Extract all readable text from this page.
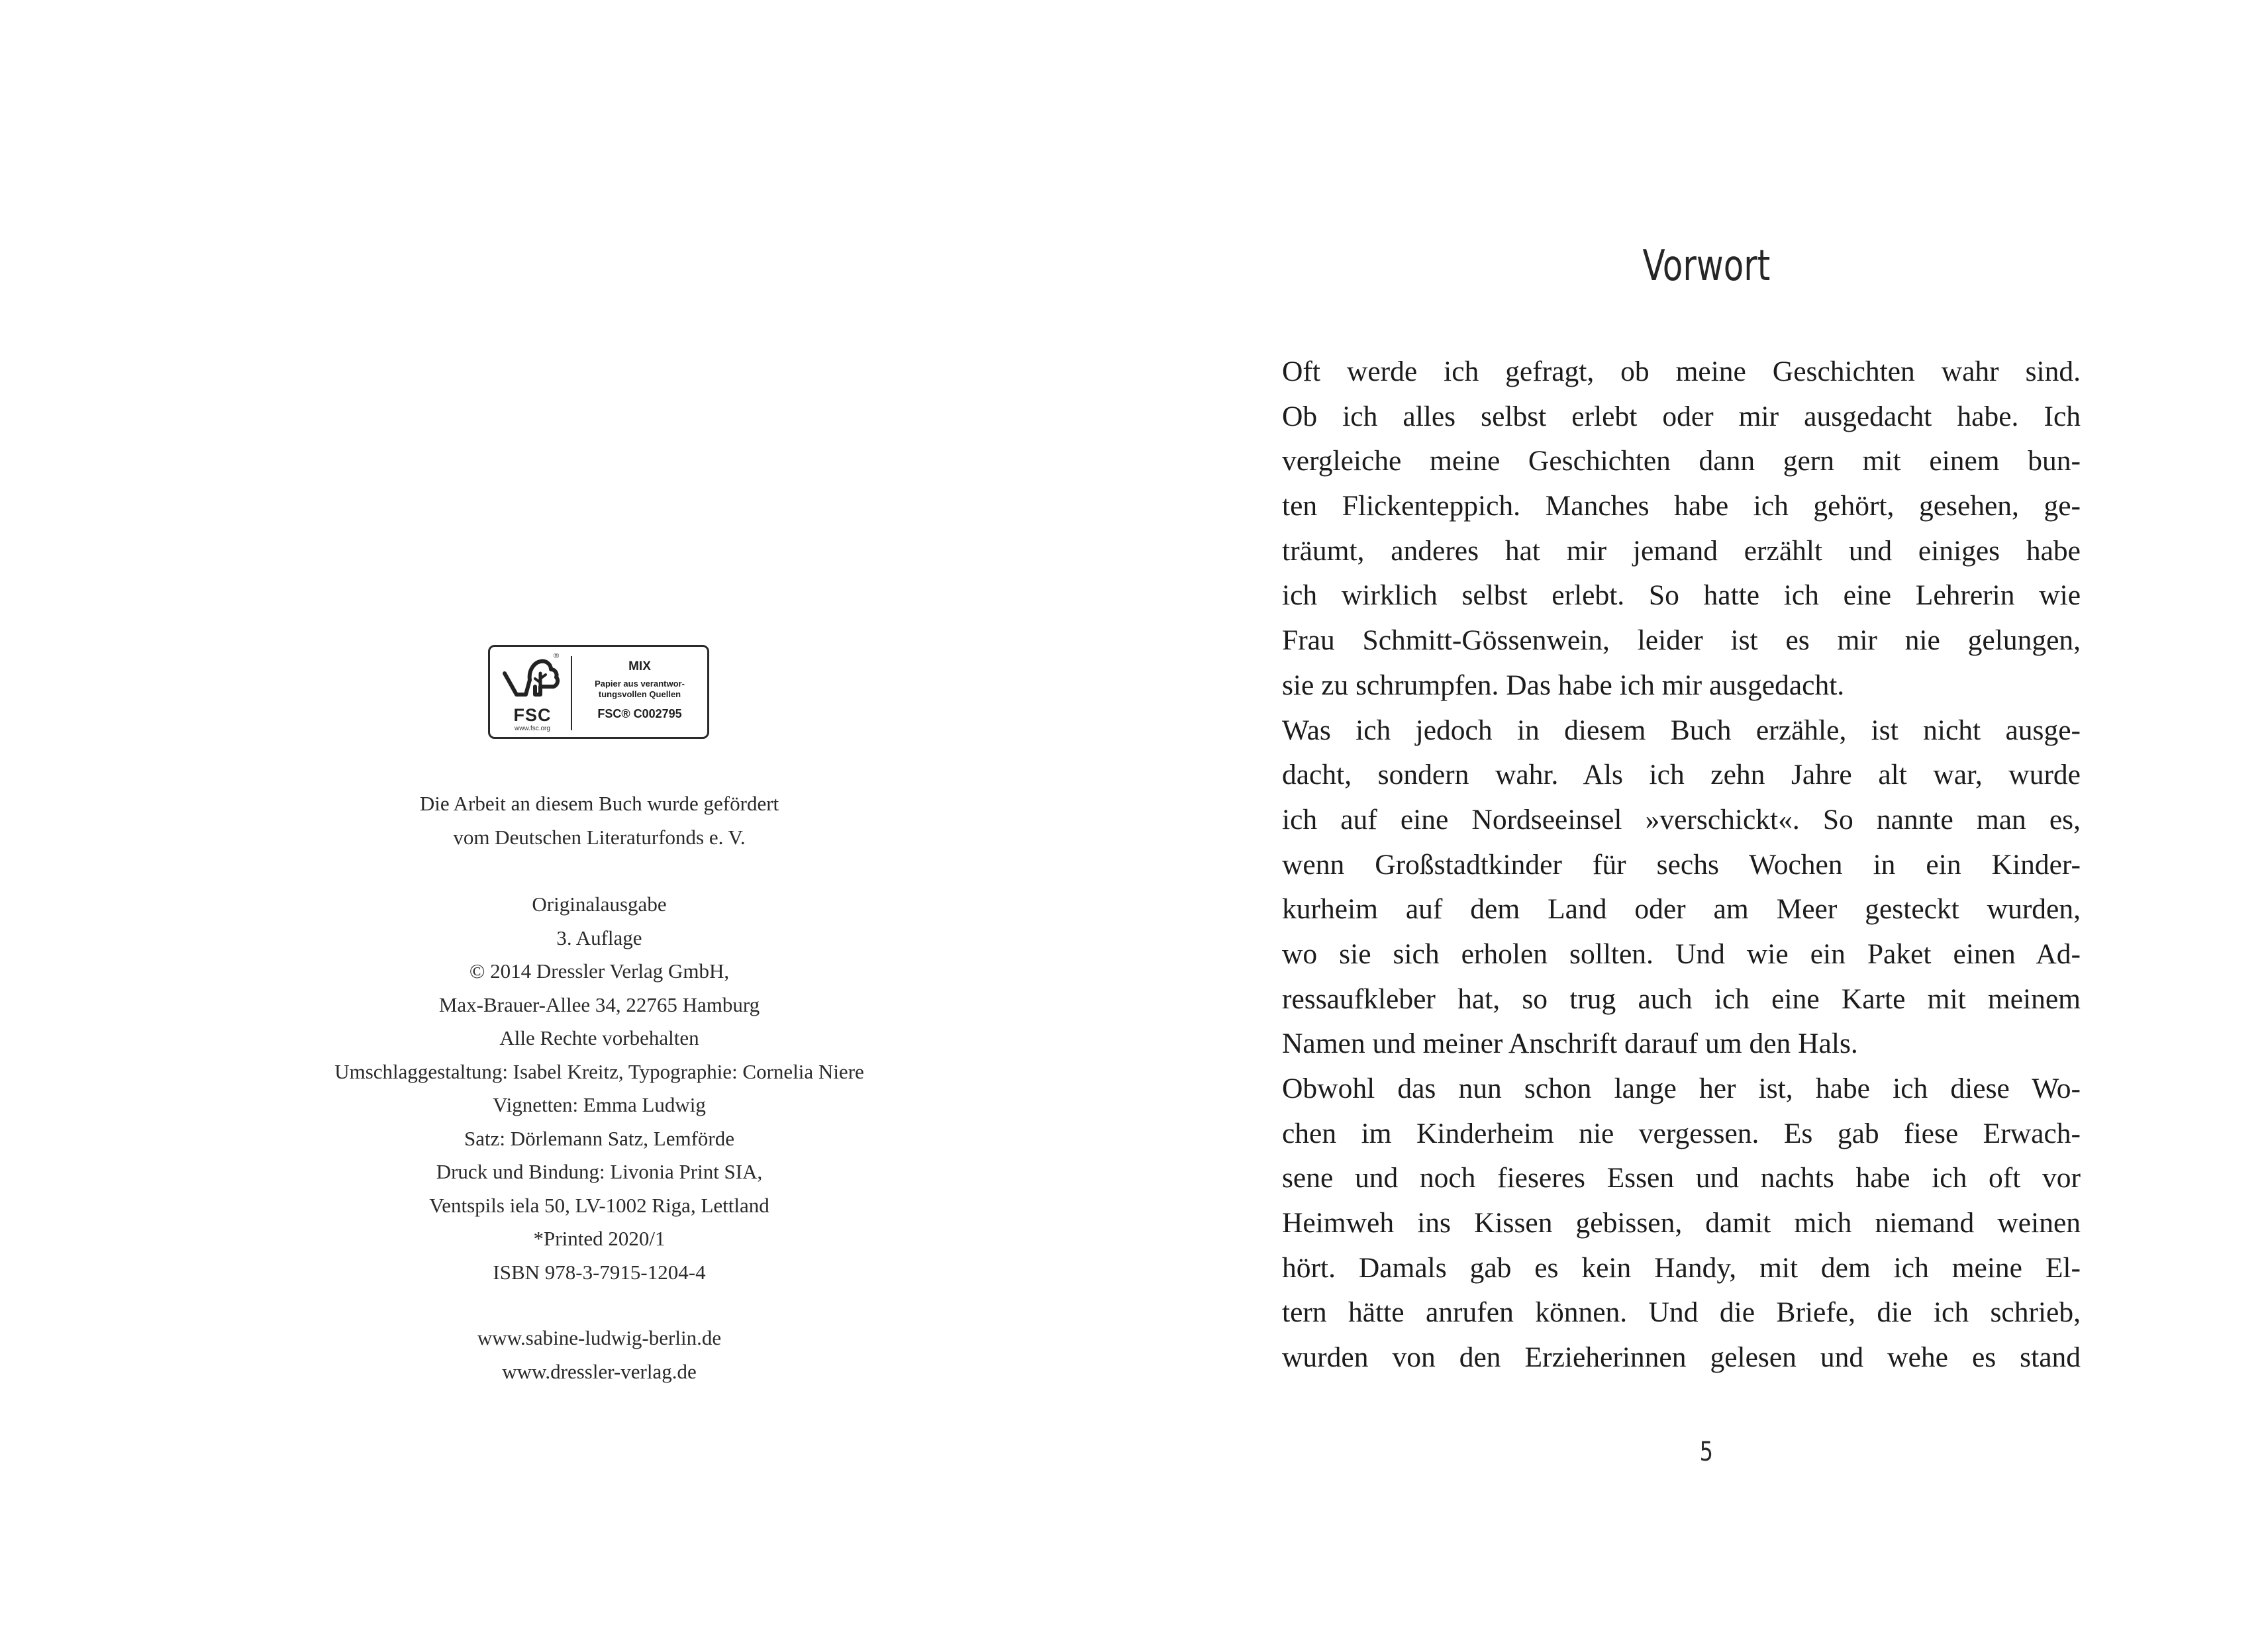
FSC
www.fsc.org
®
MIX
Papier aus verantwor-
tungsvollen Quellen
FSC® C002795
Die Arbeit an diesem Buch wurde gefördert
vom Deutschen Literaturfonds e. V.
Originalausgabe
3. Auflage
© 2014 Dressler Verlag GmbH,
Max-Brauer-Allee 34, 22765 Hamburg
Alle Rechte vorbehalten
Umschlaggestaltung: Isabel Kreitz, Typographie: Cornelia Niere
Vignetten: Emma Ludwig
Satz: Dörlemann Satz, Lemförde
Druck und Bindung: Livonia Print SIA,
Ventspils iela 50, LV-1002 Riga, Lettland
*Printed 2020/1
ISBN 978-3-7915-1204-4
www.sabine-ludwig-berlin.de
www.dressler-verlag.de
Vorwort
Oft werde ich gefragt, ob meine Geschichten wahr sind.
Ob ich alles selbst erlebt oder mir ausgedacht habe. Ich
vergleiche meine Geschichten dann gern mit einem bun-
ten Flickenteppich. Manches habe ich gehört, gesehen, ge-
träumt, anderes hat mir jemand erzählt und einiges habe
ich wirklich selbst erlebt. So hatte ich eine Lehrerin wie
Frau Schmitt-Gössenwein, leider ist es mir nie gelungen,
sie zu schrumpfen. Das habe ich mir ausgedacht.
Was ich jedoch in diesem Buch erzähle, ist nicht ausge-
dacht, sondern wahr. Als ich zehn Jahre alt war, wurde
ich auf eine Nordseeinsel »verschickt«. So nannte man es,
wenn Großstadtkinder für sechs Wochen in ein Kinder-
kurheim auf dem Land oder am Meer gesteckt wurden,
wo sie sich erholen sollten. Und wie ein Paket einen Ad-
ressaufkleber hat, so trug auch ich eine Karte mit meinem
Namen und meiner Anschrift darauf um den Hals.
Obwohl das nun schon lange her ist, habe ich diese Wo-
chen im Kinderheim nie vergessen. Es gab fiese Erwach-
sene und noch fieseres Essen und nachts habe ich oft vor
Heimweh ins Kissen gebissen, damit mich niemand weinen
hört. Damals gab es kein Handy, mit dem ich meine El-
tern hätte anrufen können. Und die Briefe, die ich schrieb,
wurden von den Erzieherinnen gelesen und wehe es stand
5
